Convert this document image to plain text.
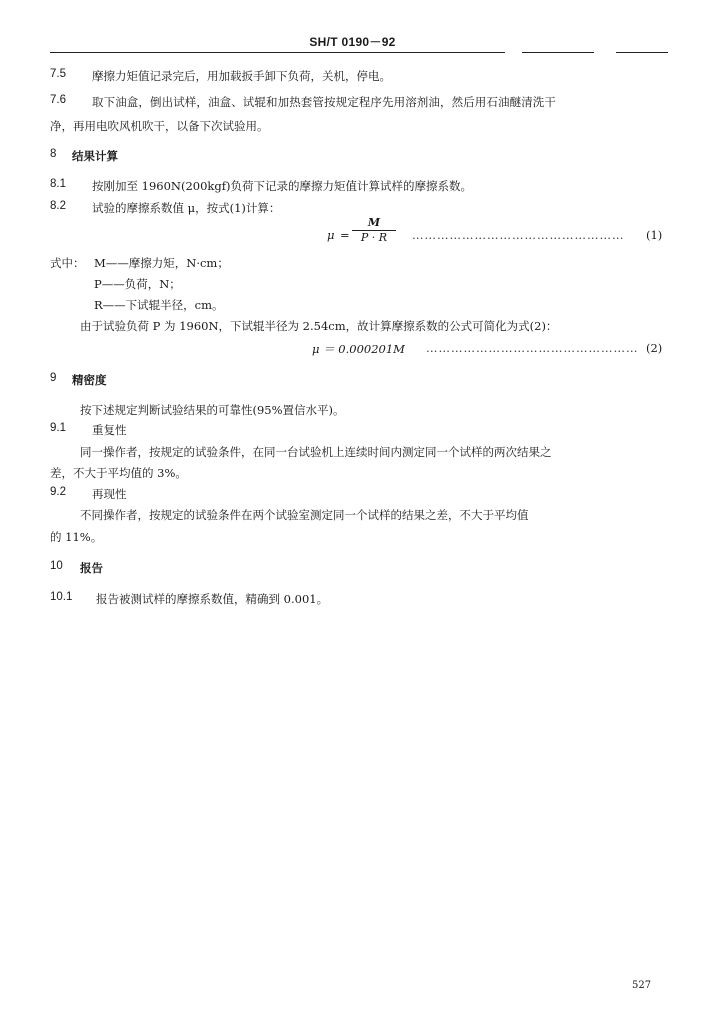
SH/T 0190－92
7.5 摩擦力矩值记录完后，用加载扳手卸下负荷，关机，停电。
7.6 取下油盒，倒出试样，油盒、试辊和加热套管按规定程序先用溶剂油，然后用石油醚清洗干
净，再用电吹风机吹干，以备下次试验用。
8 结果计算
8.1 按刚加至 1960N(200kgf)负荷下记录的摩擦力矩值计算试样的摩擦系数。
8.2 试验的摩擦系数值 μ，按式(1)计算：
μ =
M
P · R	…………………………………………… (1)
式中： M——摩擦力矩，N·cm；
P——负荷，N；
R——下试辊半径，cm。
由于试验负荷 P 为 1960N，下试辊半径为 2.54cm，故计算摩擦系数的公式可简化为式(2)：
μ ＝ 0.000201M …………………………………………… (2)
9 精密度
按下述规定判断试验结果的可靠性(95%置信水平)。
9.1 重复性
同一操作者，按规定的试验条件，在同一台试验机上连续时间内测定同一个试样的两次结果之
差，不大于平均值的 3%。
9.2 再现性
不同操作者，按规定的试验条件在两个试验室测定同一个试样的结果之差，不大于平均值
的 11%。
10 报告
10.1 报告被测试样的摩擦系数值，精确到 0.001。
527
